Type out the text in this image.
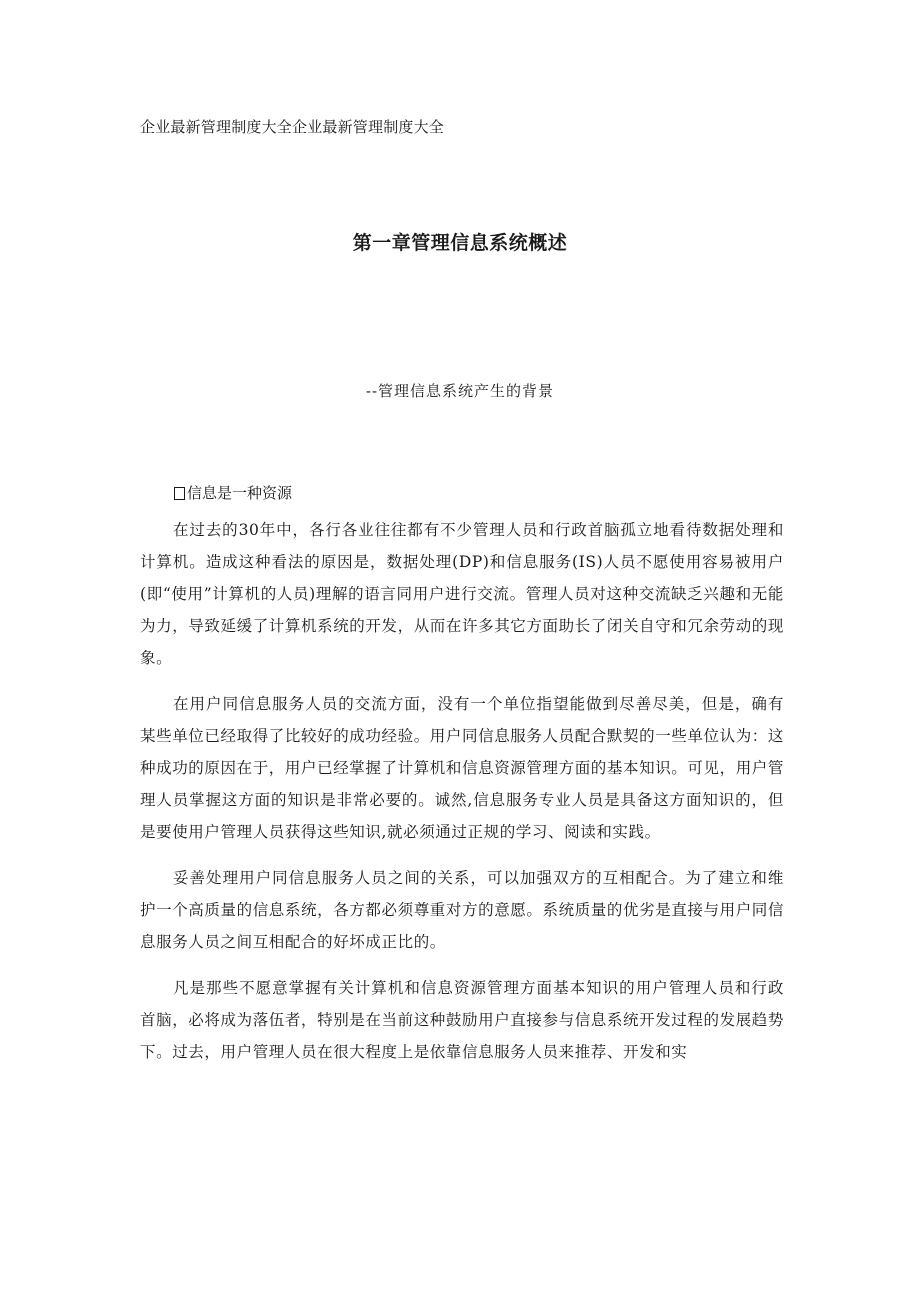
企业最新管理制度大全企业最新管理制度大全
第一章管理信息系统概述
--管理信息系统产生的背景
信息是一种资源

在过去的30年中，各行各业往往都有不少管理人员和行政首脑孤立地看待数据处理和计算机。造成这种看法的原因是，数据处理(DP)和信息服务(IS)人员不愿使用容易被用户(即“使用”计算机的人员)理解的语言同用户进行交流。管理人员对这种交流缺乏兴趣和无能为力，导致延缓了计算机系统的开发，从而在许多其它方面助长了闭关自守和冗余劳动的现象。

在用户同信息服务人员的交流方面，没有一个单位指望能做到尽善尽美，但是，确有某些单位已经取得了比较好的成功经验。用户同信息服务人员配合默契的一些单位认为：这种成功的原因在于，用户已经掌握了计算机和信息资源管理方面的基本知识。可见，用户管理人员掌握这方面的知识是非常必要的。诚然,信息服务专业人员是具备这方面知识的，但是要使用户管理人员获得这些知识,就必须通过正规的学习、阅读和实践。

妥善处理用户同信息服务人员之间的关系，可以加强双方的互相配合。为了建立和维护一个高质量的信息系统，各方都必须尊重对方的意愿。系统质量的优劣是直接与用户同信息服务人员之间互相配合的好坏成正比的。

凡是那些不愿意掌握有关计算机和信息资源管理方面基本知识的用户管理人员和行政首脑，必将成为落伍者，特别是在当前这种鼓励用户直接参与信息系统开发过程的发展趋势下。过去，用户管理人员在很大程度上是依靠信息服务人员来推荐、开发和实
